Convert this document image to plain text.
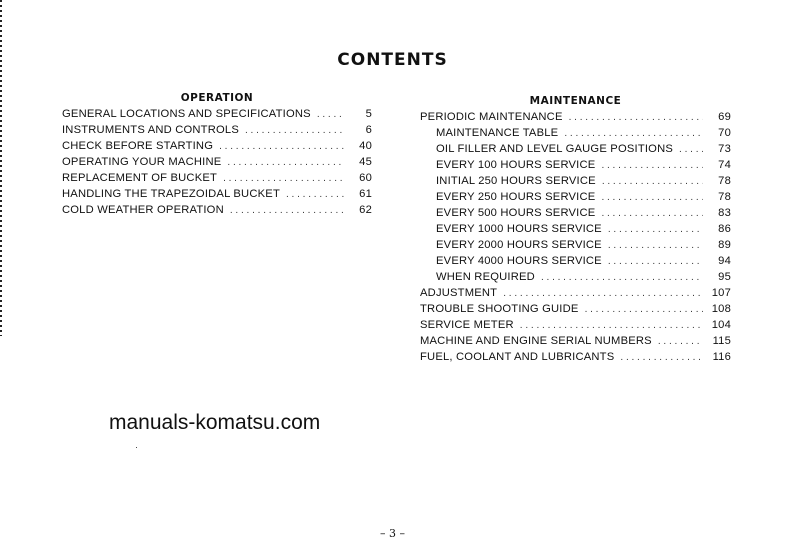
CONTENTS
OPERATION
GENERAL LOCATIONS AND SPECIFICATIONS . . .	5
INSTRUMENTS AND CONTROLS . . .	6
CHECK BEFORE STARTING . . .	40
OPERATING YOUR MACHINE . . .	45
REPLACEMENT OF BUCKET . . .	60
HANDLING THE TRAPEZOIDAL BUCKET . . .	61
COLD WEATHER OPERATION . . .	62
MAINTENANCE
PERIODIC MAINTENANCE . . .	69
MAINTENANCE TABLE . . .	70
OIL FILLER AND LEVEL GAUGE POSITIONS . . .	73
EVERY 100 HOURS SERVICE . . .	74
INITIAL 250 HOURS SERVICE . . .	78
EVERY 250 HOURS SERVICE . . .	78
EVERY 500 HOURS SERVICE . . .	83
EVERY 1000 HOURS SERVICE . . .	86
EVERY 2000 HOURS SERVICE . . .	89
EVERY 4000 HOURS SERVICE . . .	94
WHEN REQUIRED . . .	95
ADJUSTMENT . . .	107
TROUBLE SHOOTING GUIDE . . .	108
SERVICE METER . . .	104
MACHINE AND ENGINE SERIAL NUMBERS . . .	115
FUEL, COOLANT AND LUBRICANTS . . .	116
manuals-komatsu.com
– 3 –
